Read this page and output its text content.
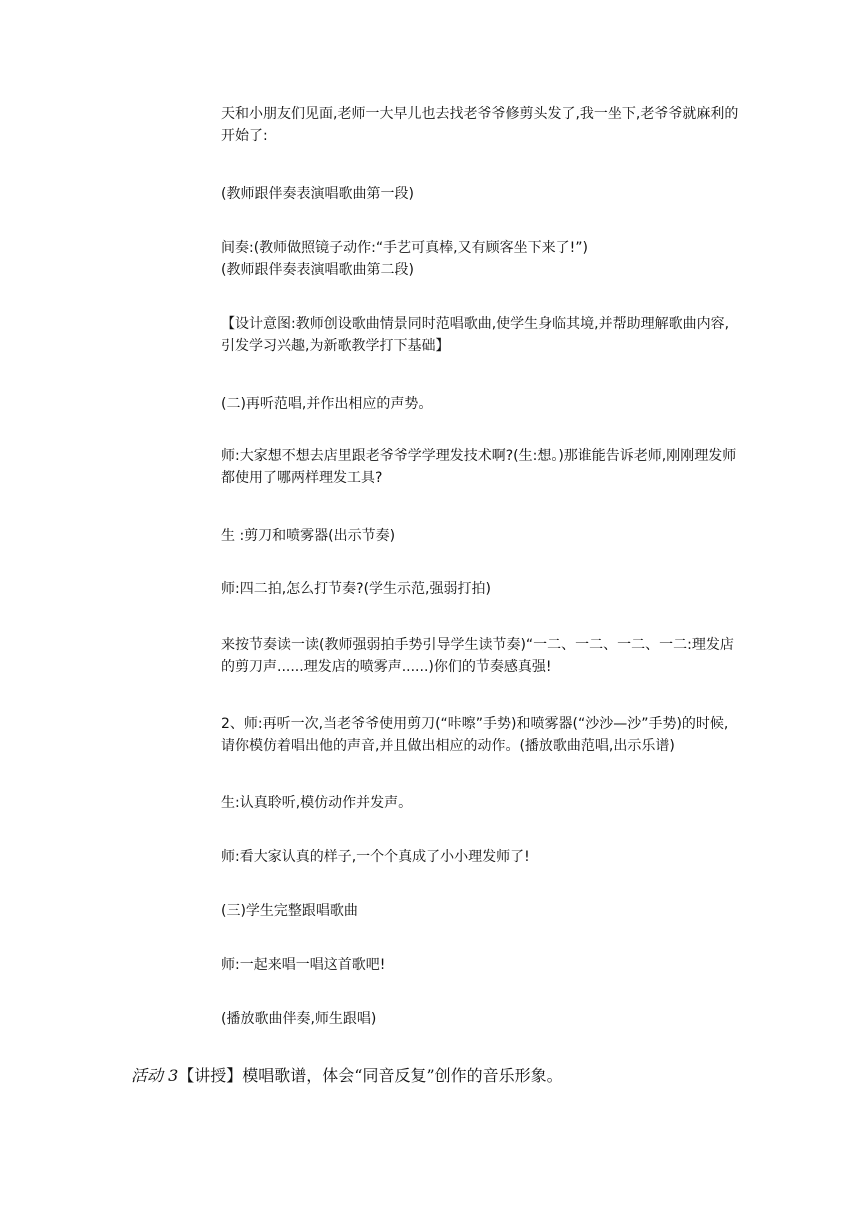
天和小朋友们见面,老师一大早儿也去找老爷爷修剪头发了,我一坐下,老爷爷就麻利的开始了:
(教师跟伴奏表演唱歌曲第一段)
间奏:(教师做照镜子动作:“手艺可真棒,又有顾客坐下来了!”)
(教师跟伴奏表演唱歌曲第二段)
【设计意图:教师创设歌曲情景同时范唱歌曲,使学生身临其境,并帮助理解歌曲内容,引发学习兴趣,为新歌教学打下基础】
(二)再听范唱,并作出相应的声势。
师:大家想不想去店里跟老爷爷学学理发技术啊?(生:想。)那谁能告诉老师,刚刚理发师都使用了哪两样理发工具?
生 :剪刀和喷雾器(出示节奏)
师:四二拍,怎么打节奏?(学生示范,强弱打拍)
来按节奏读一读(教师强弱拍手势引导学生读节奏)“一二、一二、一二、一二:理发店的剪刀声......理发店的喷雾声......)你们的节奏感真强!
2、师:再听一次,当老爷爷使用剪刀(“咔嚓”手势)和喷雾器(“沙沙—沙”手势)的时候,请你模仿着唱出他的声音,并且做出相应的动作。(播放歌曲范唱,出示乐谱)
生:认真聆听,模仿动作并发声。
师:看大家认真的样子,一个个真成了小小理发师了!
(三)学生完整跟唱歌曲
师:一起来唱一唱这首歌吧!
(播放歌曲伴奏,师生跟唱)
活动 3【讲授】模唱歌谱，体会“同音反复”创作的音乐形象。
